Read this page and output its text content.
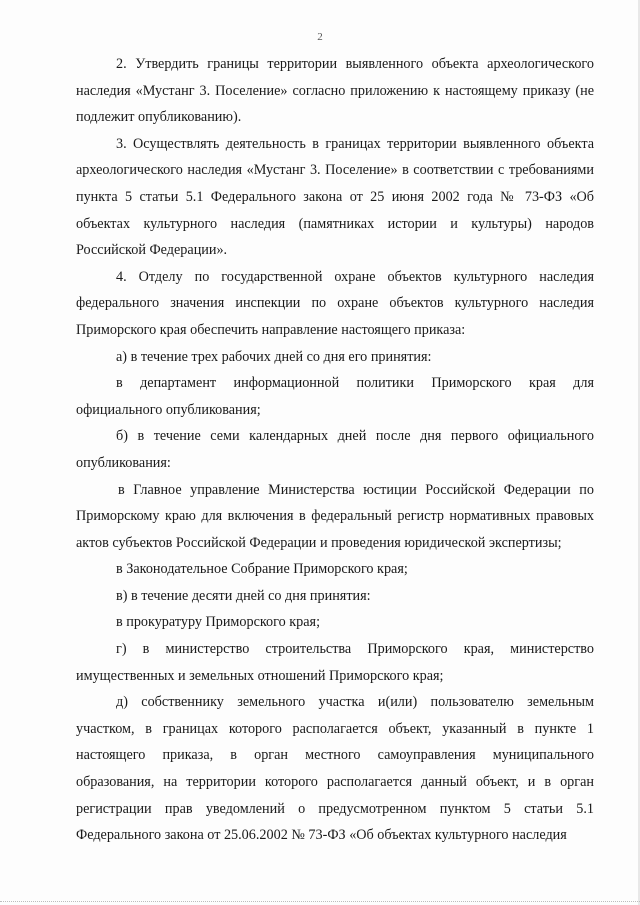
2

2. Утвердить границы территории выявленного объекта археологического наследия «Мустанг 3. Поселение» согласно приложению к настоящему приказу (не подлежит опубликованию).

3. Осуществлять деятельность в границах территории выявленного объекта археологического наследия «Мустанг 3. Поселение» в соответствии с требованиями пункта 5 статьи 5.1 Федерального закона от 25 июня 2002 года № 73-ФЗ «Об объектах культурного наследия (памятниках истории и культуры) народов Российской Федерации».

4. Отделу по государственной охране объектов культурного наследия федерального значения инспекции по охране объектов культурного наследия Приморского края обеспечить направление настоящего приказа:

а) в течение трех рабочих дней со дня его принятия:

в департамент информационной политики Приморского края для официального опубликования;

б) в течение семи календарных дней после дня первого официального опубликования:

в Главное управление Министерства юстиции Российской Федерации по Приморскому краю для включения в федеральный регистр нормативных правовых актов субъектов Российской Федерации и проведения юридической экспертизы;

в Законодательное Собрание Приморского края;

в) в течение десяти дней со дня принятия:

в прокуратуру Приморского края;

г) в министерство строительства Приморского края, министерство имущественных и земельных отношений Приморского края;

д) собственнику земельного участка и(или) пользователю земельным участком, в границах которого располагается объект, указанный в пункте 1 настоящего приказа, в орган местного самоуправления муниципального образования, на территории которого располагается данный объект, и в орган регистрации прав уведомлений о предусмотренном пунктом 5 статьи 5.1 Федерального закона от 25.06.2002 № 73-ФЗ «Об объектах культурного наследия
